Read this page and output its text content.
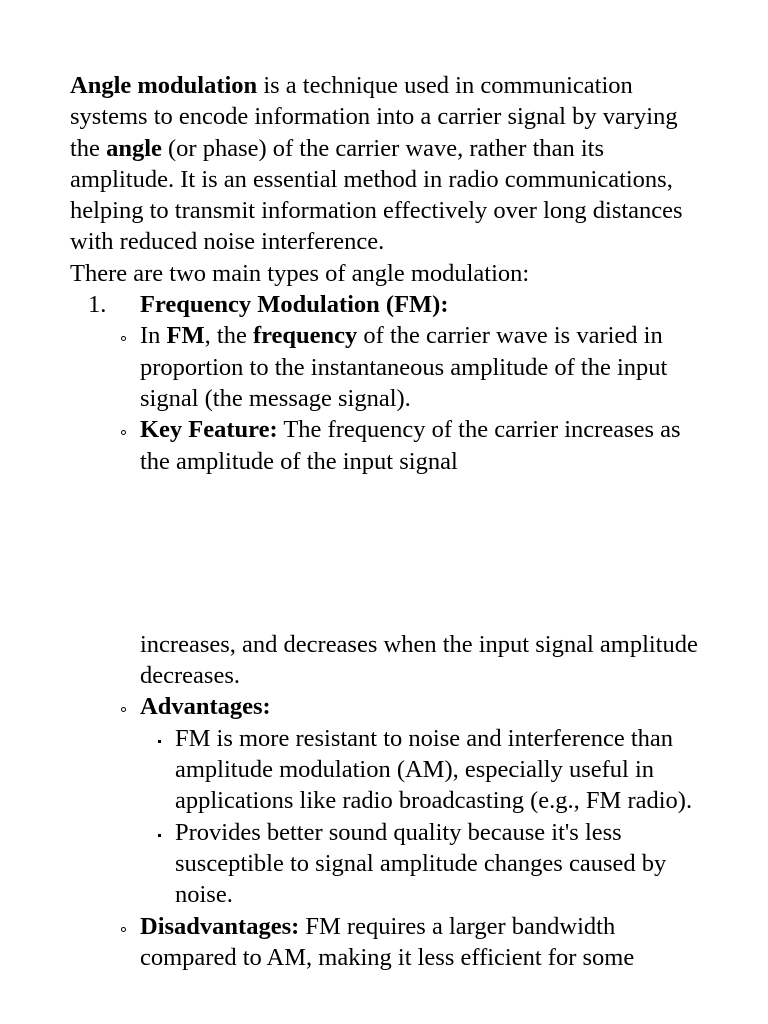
Angle modulation is a technique used in communication systems to encode information into a carrier signal by varying the angle (or phase) of the carrier wave, rather than its amplitude. It is an essential method in radio communications, helping to transmit information effectively over long distances with reduced noise interference.

There are two main types of angle modulation:

1. Frequency Modulation (FM):
In FM, the frequency of the carrier wave is varied in proportion to the instantaneous amplitude of the input signal (the message signal).
Key Feature: The frequency of the carrier increases as the amplitude of the input signal
increases, and decreases when the input signal amplitude decreases.
Advantages:
FM is more resistant to noise and interference than amplitude modulation (AM), especially useful in applications like radio broadcasting (e.g., FM radio).
Provides better sound quality because it's less susceptible to signal amplitude changes caused by noise.
Disadvantages: FM requires a larger bandwidth compared to AM, making it less efficient for some
